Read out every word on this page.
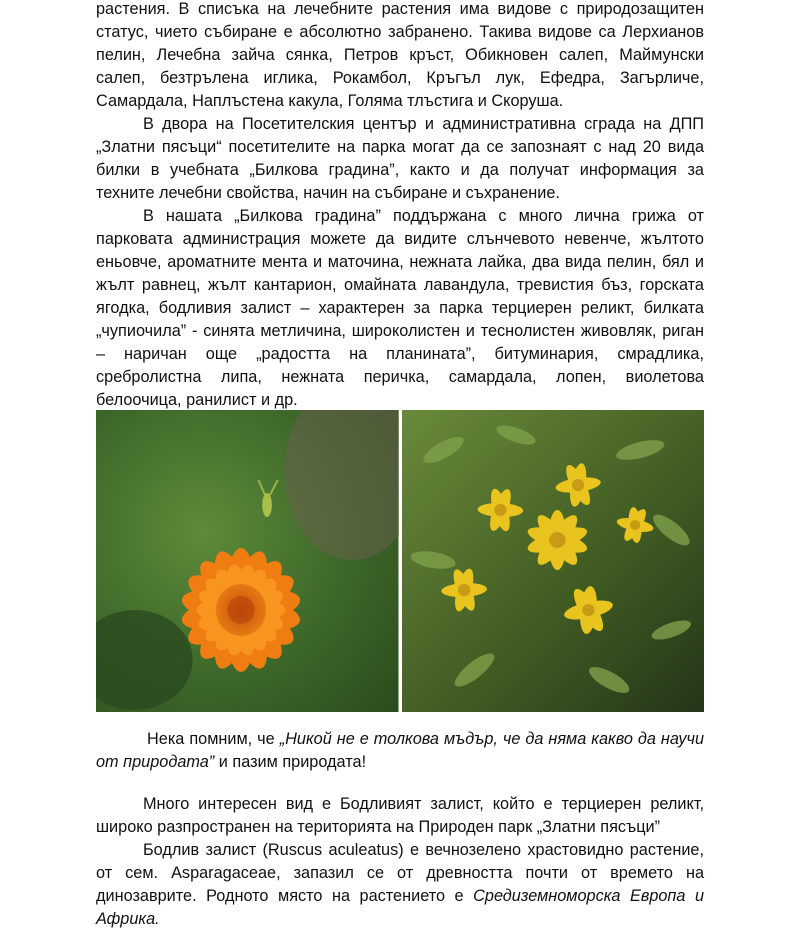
растения. В списъка на лечебните растения има видове с природозащитен статус, чието събиране е абсолютно забранено. Такива видове са Лерхианов пелин, Лечебна зайча сянка, Петров кръст, Обикновен салеп, Маймунски салеп, безтрълена иглика, Рокамбол, Кръгъл лук, Ефедра, Загърличе, Самардала, Наплъстена какула, Голяма тлъстига и Скоруша.

В двора на Посетителския център и административна сграда на ДПП „Златни пясъци“ посетителите на парка могат да се запознаят с над 20 вида билки в учебната „Билкова градина”, както и да получат информация за техните лечебни свойства, начин на събиране и съхранение.

В нашата „Билкова градина” поддържана с много лична грижа от парковата администрация можете да видите слънчевото невенче, жълтото еньовче, ароматните мента и маточина, нежната лайка, два вида пелин, бял и жълт равнец, жълт кантарион, омайната лавандула, тревистия бъз, горската ягодка, бодливия залист – характерен за парка терциерен реликт, билката „чупиочила” - синята метличина, широколистен и теснолистен живовляк, риган – наричан още „радостта на планината”, битуминария, смрадлика, сребролистна липа, нежната перичка, самардала, лопен, виолетова белоочица, ранилист и др.

Нека помним, че „Никой не е толкова мъдър, че да няма какво да научи от природата” и пазим природата!

Много интересен вид е Бодливият залист, който е терциерен реликт, широко разпространен на територията на Природен парк „Златни пясъци”

Бодлив залист (Ruscus aculeatus) е вечнозелено храстовидно растение, от сем. Asparagaceae, запазил се от древността почти от времето на динозаврите. Родното място на растението е Средиземноморска Европа и Африка.
